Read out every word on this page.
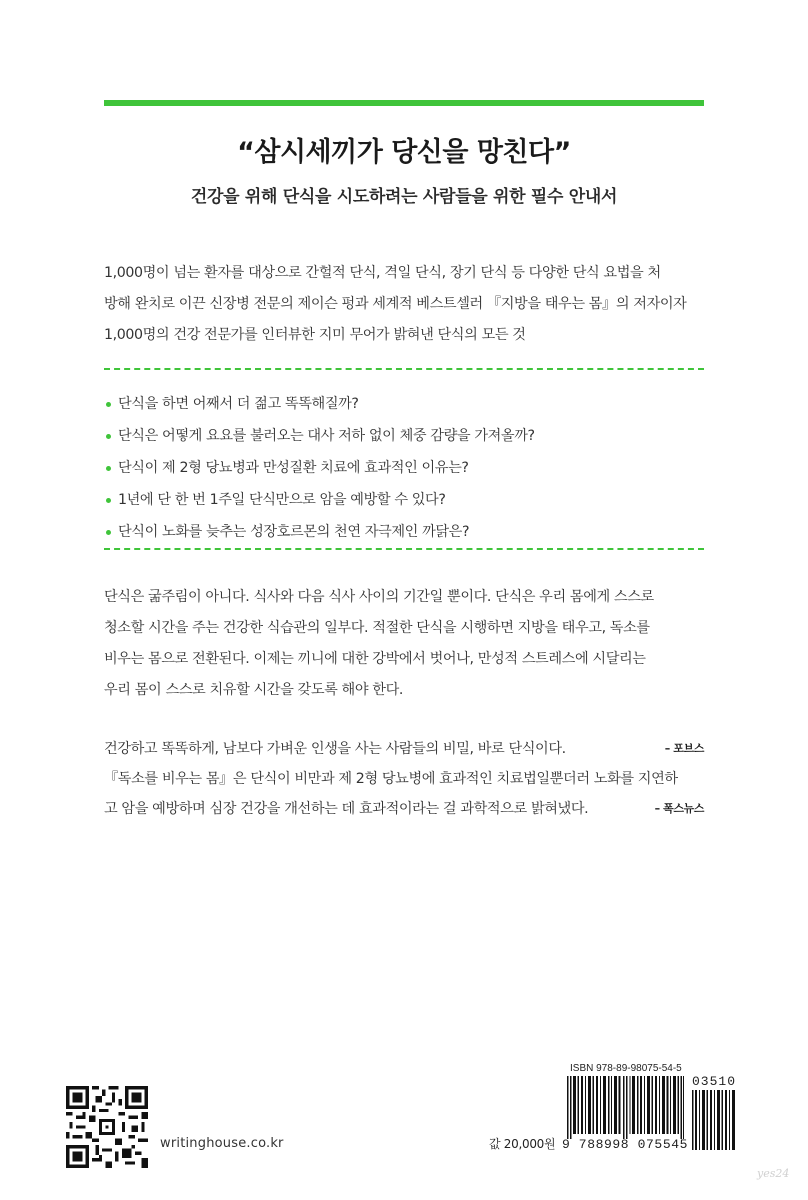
“삼시세끼가 당신을 망친다”
건강을 위해 단식을 시도하려는 사람들을 위한 필수 안내서
1,000명이 넘는 환자를 대상으로 간헐적 단식, 격일 단식, 장기 단식 등 다양한 단식 요법을 처
방해 완치로 이끈 신장병 전문의 제이슨 펑과 세계적 베스트셀러 『지방을 태우는 몸』의 저자이자
1,000명의 건강 전문가를 인터뷰한 지미 무어가 밝혀낸 단식의 모든 것
단식을 하면 어째서 더 젊고 똑똑해질까?
단식은 어떻게 요요를 불러오는 대사 저하 없이 체중 감량을 가져올까?
단식이 제 2형 당뇨병과 만성질환 치료에 효과적인 이유는?
1년에 단 한 번 1주일 단식만으로 암을 예방할 수 있다?
단식이 노화를 늦추는 성장호르몬의 천연 자극제인 까닭은?
단식은 굶주림이 아니다. 식사와 다음 식사 사이의 기간일 뿐이다. 단식은 우리 몸에게 스스로
청소할 시간을 주는 건강한 식습관의 일부다. 적절한 단식을 시행하면 지방을 태우고, 독소를
비우는 몸으로 전환된다. 이제는 끼니에 대한 강박에서 벗어나, 만성적 스트레스에 시달리는
우리 몸이 스스로 치유할 시간을 갖도록 해야 한다.
건강하고 똑똑하게, 남보다 가벼운 인생을 사는 사람들의 비밀, 바로 단식이다.	– 포브스
『독소를 비우는 몸』은 단식이 비만과 제 2형 당뇨병에 효과적인 치료법일뿐더러 노화를 지연하
고 암을 예방하며 심장 건강을 개선하는 데 효과적이라는 걸 과학적으로 밝혀냈다.	– 폭스뉴스
writinghouse.co.kr
ISBN 978-89-98075-54-5
03510
9 788998 075545
값 20,000원
yes24
